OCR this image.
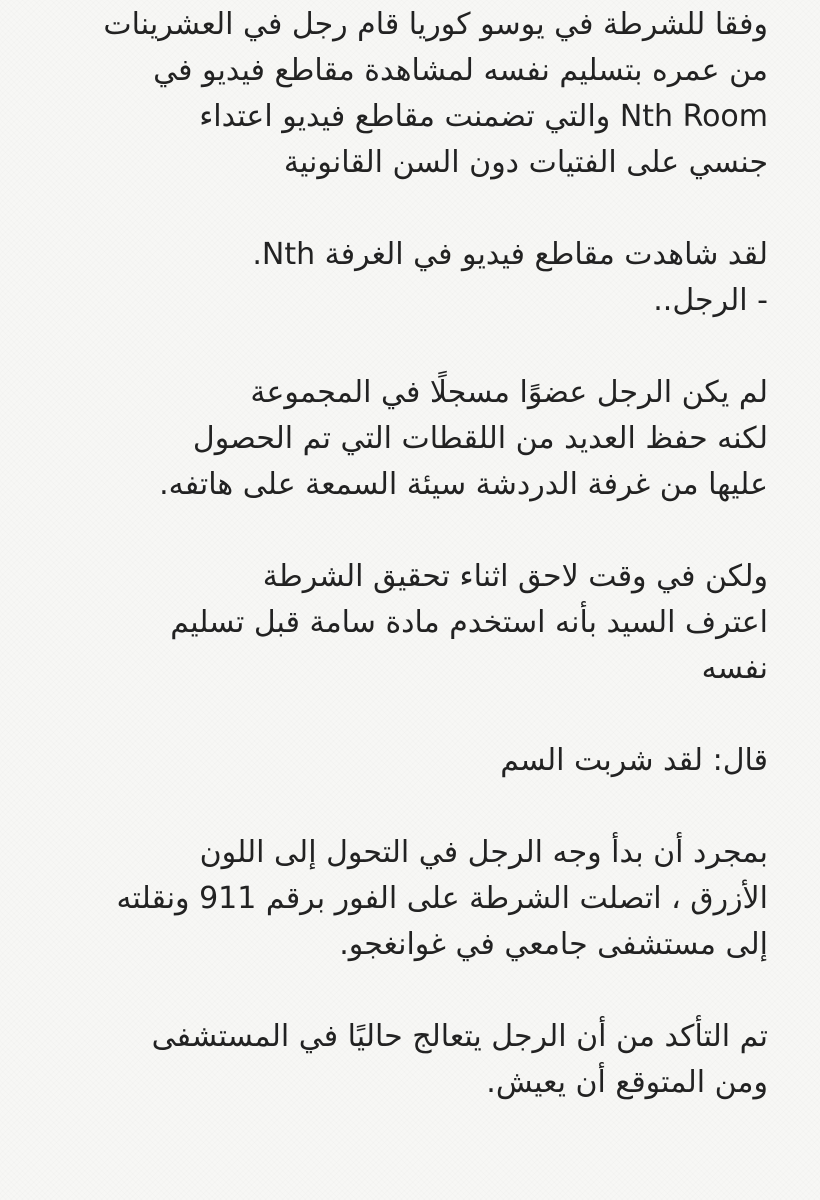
وفقا للشرطة في يوسو كوريا قام رجل في العشرينات
من عمره بتسليم نفسه لمشاهدة مقاطع فيديو في
Nth Room والتي تضمنت مقاطع فيديو اعتداء
جنسي على الفتيات دون السن القانونية
لقد شاهدت مقاطع فيديو في الغرفة Nth.
- الرجل..
لم يكن الرجل عضوًا مسجلًا في المجموعة
لكنه حفظ العديد من اللقطات التي تم الحصول
عليها من غرفة الدردشة سيئة السمعة على هاتفه.
ولكن في وقت لاحق اثناء تحقيق الشرطة
اعترف السيد بأنه استخدم مادة سامة قبل تسليم
نفسه
قال: لقد شربت السم
بمجرد أن بدأ وجه الرجل في التحول إلى اللون
الأزرق ، اتصلت الشرطة على الفور برقم 911 ونقلته
إلى مستشفى جامعي في غوانغجو.
تم التأكد من أن الرجل يتعالج حاليًا في المستشفى
ومن المتوقع أن يعيش.
